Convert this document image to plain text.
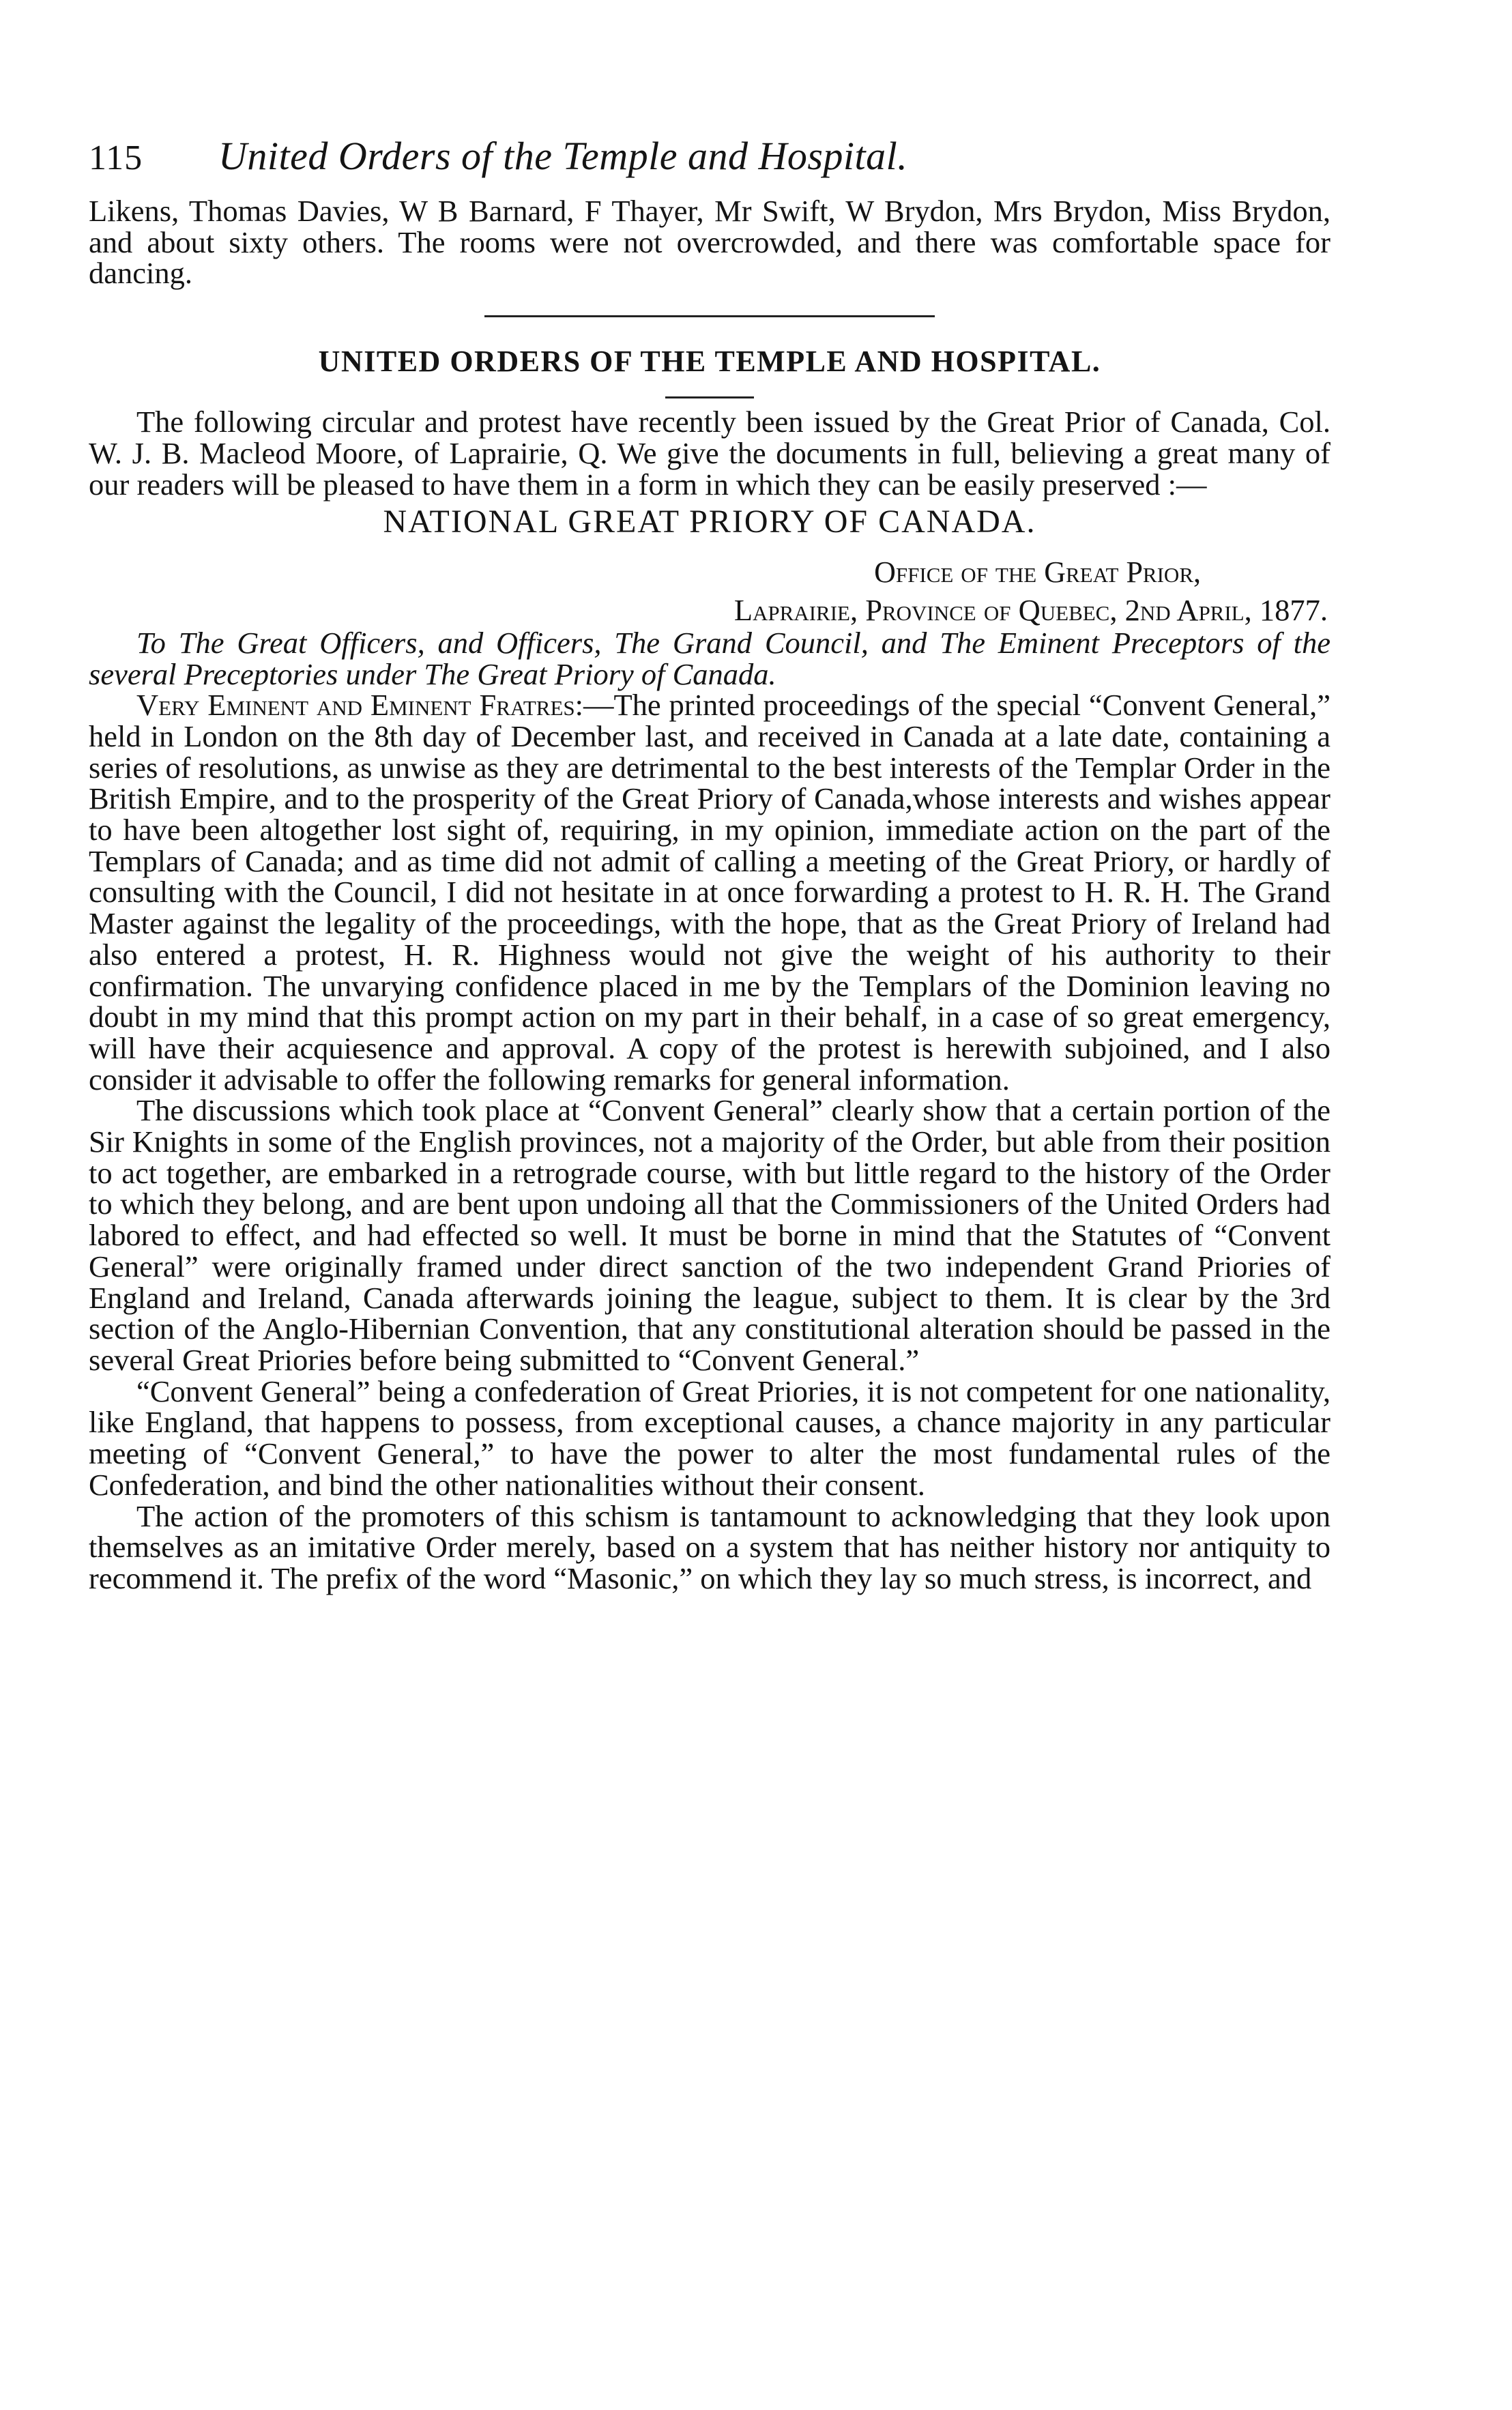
115	United Orders of the Temple and Hospital.

Likens, Thomas Davies, W B Barnard, F Thayer, Mr Swift, W Brydon, Mrs Brydon, Miss Brydon, and about sixty others. The rooms were not overcrowded, and there was comfortable space for dancing.

UNITED ORDERS OF THE TEMPLE AND HOSPITAL.

The following circular and protest have recently been issued by the Great Prior of Canada, Col. W. J. B. Macleod Moore, of Laprairie, Q. We give the documents in full, believing a great many of our readers will be pleased to have them in a form in which they can be easily preserved :—

NATIONAL GREAT PRIORY OF CANADA.

Office of the Great Prior,
Laprairie, Province of Quebec, 2nd April, 1877.

To The Great Officers, and Officers, The Grand Council, and The Eminent Preceptors of the several Preceptories under The Great Priory of Canada.

Very Eminent and Eminent Fratres:—The printed proceedings of the special “Convent General,” held in London on the 8th day of December last, and received in Canada at a late date, containing a series of resolutions, as unwise as they are detrimental to the best interests of the Templar Order in the British Empire, and to the prosperity of the Great Priory of Canada,whose interests and wishes appear to have been altogether lost sight of, requiring, in my opinion, immediate action on the part of the Templars of Canada; and as time did not admit of calling a meeting of the Great Priory, or hardly of consulting with the Council, I did not hesitate in at once forwarding a protest to H. R. H. The Grand Master against the legality of the proceedings, with the hope, that as the Great Priory of Ireland had also entered a protest, H. R. Highness would not give the weight of his authority to their confirmation. The unvarying confidence placed in me by the Templars of the Dominion leaving no doubt in my mind that this prompt action on my part in their behalf, in a case of so great emergency, will have their acquiesence and approval. A copy of the protest is herewith subjoined, and I also consider it advisable to offer the following remarks for general information.

The discussions which took place at “Convent General” clearly show that a certain portion of the Sir Knights in some of the English provinces, not a majority of the Order, but able from their position to act together, are embarked in a retrograde course, with but little regard to the history of the Order to which they belong, and are bent upon undoing all that the Commissioners of the United Orders had labored to effect, and had effected so well. It must be borne in mind that the Statutes of “Convent General” were originally framed under direct sanction of the two independent Grand Priories of England and Ireland, Canada afterwards joining the league, subject to them. It is clear by the 3rd section of the Anglo-Hibernian Convention, that any constitutional alteration should be passed in the several Great Priories before being submitted to “Convent General.”

“Convent General” being a confederation of Great Priories, it is not competent for one nationality, like England, that happens to possess, from exceptional causes, a chance majority in any particular meeting of “Convent General,” to have the power to alter the most fundamental rules of the Confederation, and bind the other nationalities without their consent.

The action of the promoters of this schism is tantamount to acknowledging that they look upon themselves as an imitative Order merely, based on a system that has neither history nor antiquity to recommend it. The prefix of the word “Masonic,” on which they lay so much stress, is incorrect, and
